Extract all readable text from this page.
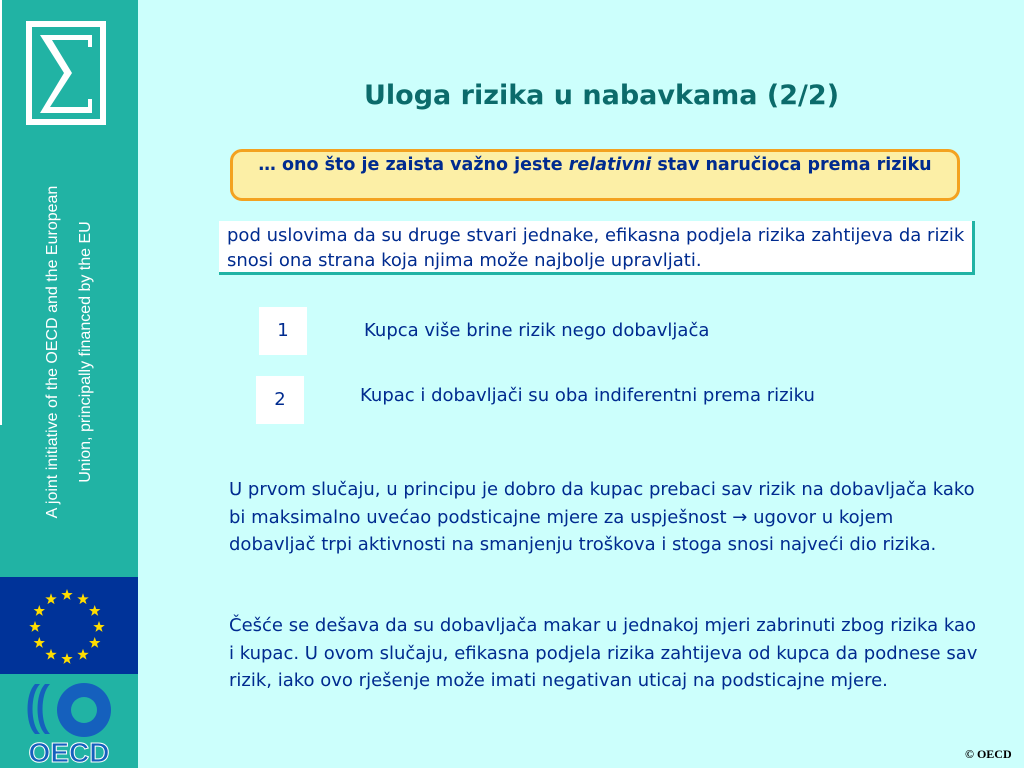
A joint initiative of the OECD and the European	Union, principally financed by the EU
OECD
Uloga rizika u nabavkama (2/2)
… ono što je zaista važno jeste relativni stav naručioca prema riziku
pod uslovima da su druge stvari jednake, efikasna podjela rizika zahtijeva da rizik snosi ona strana koja njima može najbolje upravljati.
1	Kupca više brine rizik nego dobavljača
2	Kupac i dobavljači su oba indiferentni prema riziku
U prvom slučaju, u principu je dobro da kupac prebaci sav rizik na dobavljača kako bi maksimalno uvećao podsticajne mjere za uspješnost → ugovor u kojem dobavljač trpi aktivnosti na smanjenju troškova i stoga snosi najveći dio rizika.
Češće se dešava da su dobavljača makar u jednakoj mjeri zabrinuti zbog rizika kao i kupac. U ovom slučaju, efikasna podjela rizika zahtijeva od kupca da podnese sav rizik, iako ovo rješenje može imati negativan uticaj na podsticajne mjere.
© OECD
